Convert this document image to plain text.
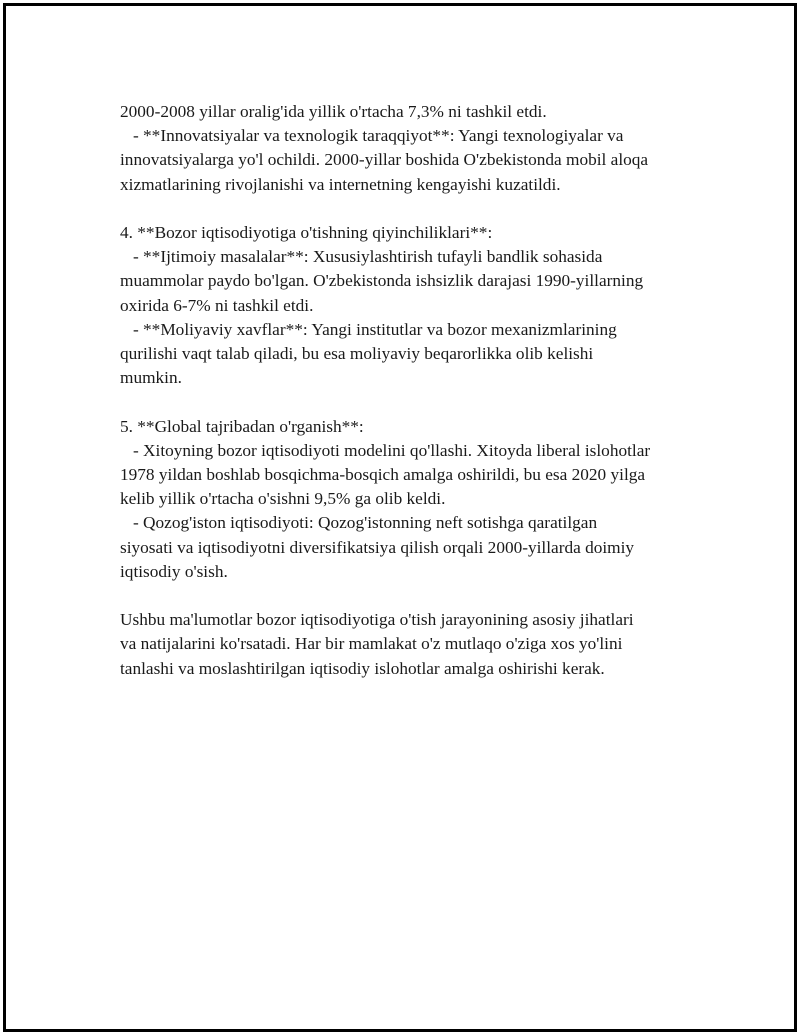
2000-2008 yillar oralig'ida yillik o'rtacha 7,3% ni tashkil etdi.
- **Innovatsiyalar va texnologik taraqqiyot**: Yangi texnologiyalar va
innovatsiyalarga yo'l ochildi. 2000-yillar boshida O'zbekistonda mobil aloqa
xizmatlarining rivojlanishi va internetning kengayishi kuzatildi.
4. **Bozor iqtisodiyotiga o'tishning qiyinchiliklari**:
- **Ijtimoiy masalalar**: Xususiylashtirish tufayli bandlik sohasida
muammolar paydo bo'lgan. O'zbekistonda ishsizlik darajasi 1990-yillarning
oxirida 6-7% ni tashkil etdi.
- **Moliyaviy xavflar**: Yangi institutlar va bozor mexanizmlarining
qurilishi vaqt talab qiladi, bu esa moliyaviy beqarorlikka olib kelishi
mumkin.
5. **Global tajribadan o'rganish**:
- Xitoyning bozor iqtisodiyoti modelini qo'llashi. Xitoyda liberal islohotlar
1978 yildan boshlab bosqichma-bosqich amalga oshirildi, bu esa 2020 yilga
kelib yillik o'rtacha o'sishni 9,5% ga olib keldi.
- Qozog'iston iqtisodiyoti: Qozog'istonning neft sotishga qaratilgan
siyosati va iqtisodiyotni diversifikatsiya qilish orqali 2000-yillarda doimiy
iqtisodiy o'sish.
Ushbu ma'lumotlar bozor iqtisodiyotiga o'tish jarayonining asosiy jihatlari
va natijalarini ko'rsatadi. Har bir mamlakat o'z mutlaqo o'ziga xos yo'lini
tanlashi va moslashtirilgan iqtisodiy islohotlar amalga oshirishi kerak.
